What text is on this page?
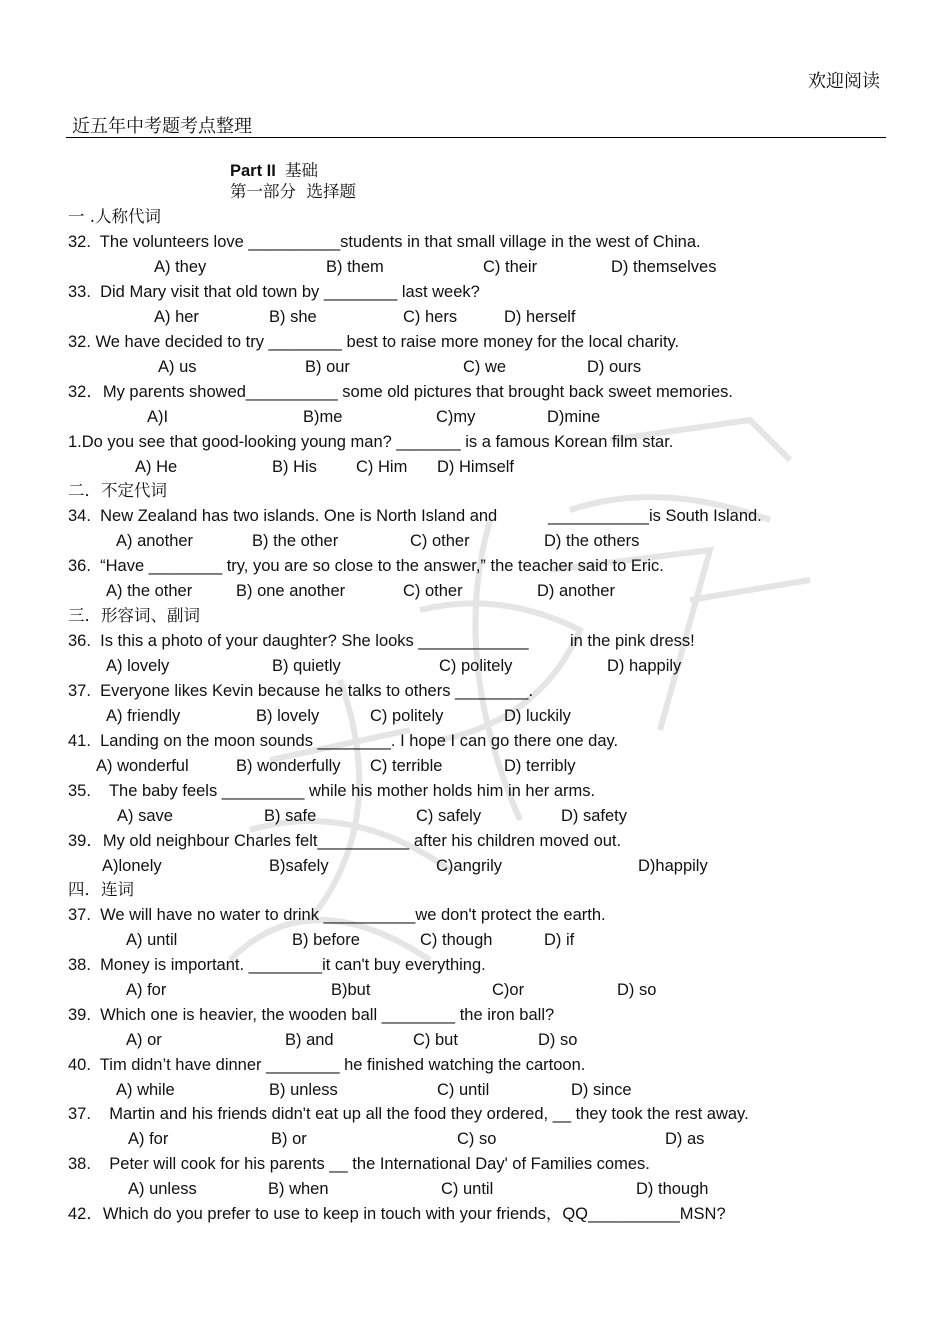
欢迎阅读
近五年中考题考点整理
Part II 基础
第一部分  选择题
一 .人称代词
32.  The volunteers love __________students in that small village in the west of China.
A) they	B) them	C) their	D) themselves
33.  Did Mary visit that old town by ________ last week?
A) her	B) she	C) hers	D) herself
32. We have decided to try ________ best to raise more money for the local charity.
A) us	B) our	C) we	D) ours
32．My parents showed__________ some old pictures that brought back sweet memories.
A)I	B)me	C)my	D)mine
1.Do you see that good-looking young man? _______ is a famous Korean film star.
A) He	B) His C) Him D) Himself
二．不定代词
34.  New Zealand has two islands. One is North Island and	___________is South Island.
A) another	B) the other	C) other	D) the others
36.  “Have ________ try, you are so close to the answer,” the teacher said to Eric.
A) the other	B) one another	C) other	D) another
三．形容词、副词
36.  Is this a photo of your daughter? She looks ____________	in the pink dress!
A) lovely	B) quietly	C) politely	D) happily
37.  Everyone likes Kevin because he talks to others ________.
A) friendly	B) lovely	C) politely	D) luckily
41.  Landing on the moon sounds ________. I hope I can go there one day.
A) wonderful	B) wonderfully C) terrible	D) terribly
35.    The baby feels _________ while his mother holds him in her arms.
A) save	B) safe	C) safely	D) safety
39．My old neighbour Charles felt__________ after his children moved out.
A)lonely	B)safely	C)angrily	D)happily
四．连词
37.  We will have no water to drink __________we don't protect the earth.
A) until	B) before	C) though	D) if
38.  Money is important. ________it can't buy everything.
A) for	B)but	C)or	D) so
39.  Which one is heavier, the wooden ball ________ the iron ball?
A) or	B) and	C) but	D) so
40.  Tim didn’t have dinner ________ he finished watching the cartoon.
A) while	B) unless	C) until	D) since
37.    Martin and his friends didn't eat up all the food they ordered, __ they took the rest away.
A) for	B) or	C) so	D) as
38.    Peter will cook for his parents __ the International Day' of Families comes.
A) unless	B) when	C) until	D) though
42．Which do you prefer to use to keep in touch with your friends，QQ__________MSN?
